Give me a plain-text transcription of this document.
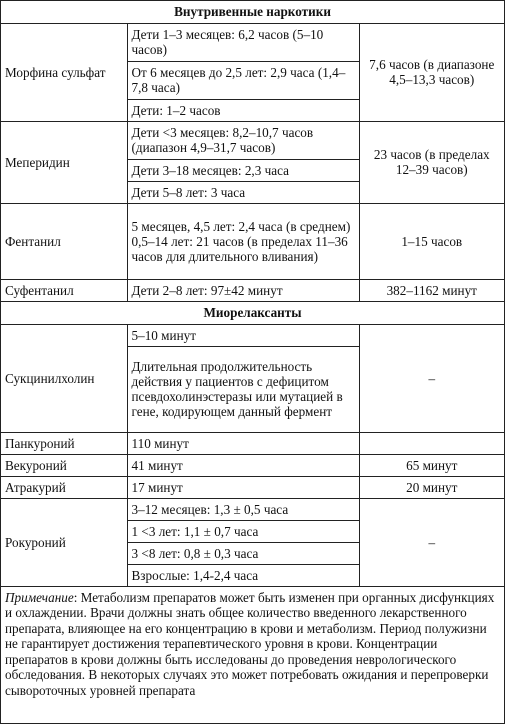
Внутривенные наркотики		
Морфина сульфат	Дети 1–3 месяцев: 6,2 часов (5–10 часов)	7,6 часов (в диапазоне 4,5–13,3 часов)
	От 6 месяцев до 2,5 лет: 2,9 часа (1,4–7,8 часа)	
	Дети: 1–2 часов	
Меперидин	Дети <3 месяцев: 8,2–10,7 часов (диапазон 4,9–31,7 часов)	23 часов (в пределах 12–39 часов)
	Дети 3–18 месяцев: 2,3 часа	
	Дети 5–8 лет: 3 часа	
Фентанил	5 месяцев, 4,5 лет: 2,4 часа (в среднем) 0,5–14 лет: 21 часов (в пределах 11–36 часов для длительного вливания)	1–15 часов
Суфентанил	Дети 2–8 лет: 97±42 минут	382–1162 минут
Миорелаксанты		
Сукцинилхолин	5–10 минут	–
	Длительная продолжительность действия у пациентов с дефицитом псевдохолинэстеразы или мутацией в гене, кодирующем данный фермент	
Панкуроний	110 минут	
Векуроний	41 минут	65 минут
Атракурий	17 минут	20 минут
Рокуроний	3–12 месяцев: 1,3 ± 0,5 часа	–
	1 <3 лет: 1,1 ± 0,7 часа	
	3 <8 лет: 0,8 ± 0,3 часа	
	Взрослые: 1,4-2,4 часа	
Примечание: Метаболизм препаратов может быть изменен при органных дисфункциях и охлаждении. Врачи должны знать общее количество введенного лекарственного препарата, влияющее на его концентрацию в крови и метаболизм. Период полужизни не гарантирует достижения терапевтического уровня в крови. Концентрации препаратов в крови должны быть исследованы до проведения неврологического обследования. В некоторых случаях это может потребовать ожидания и перепроверки сывороточных уровней препарата
